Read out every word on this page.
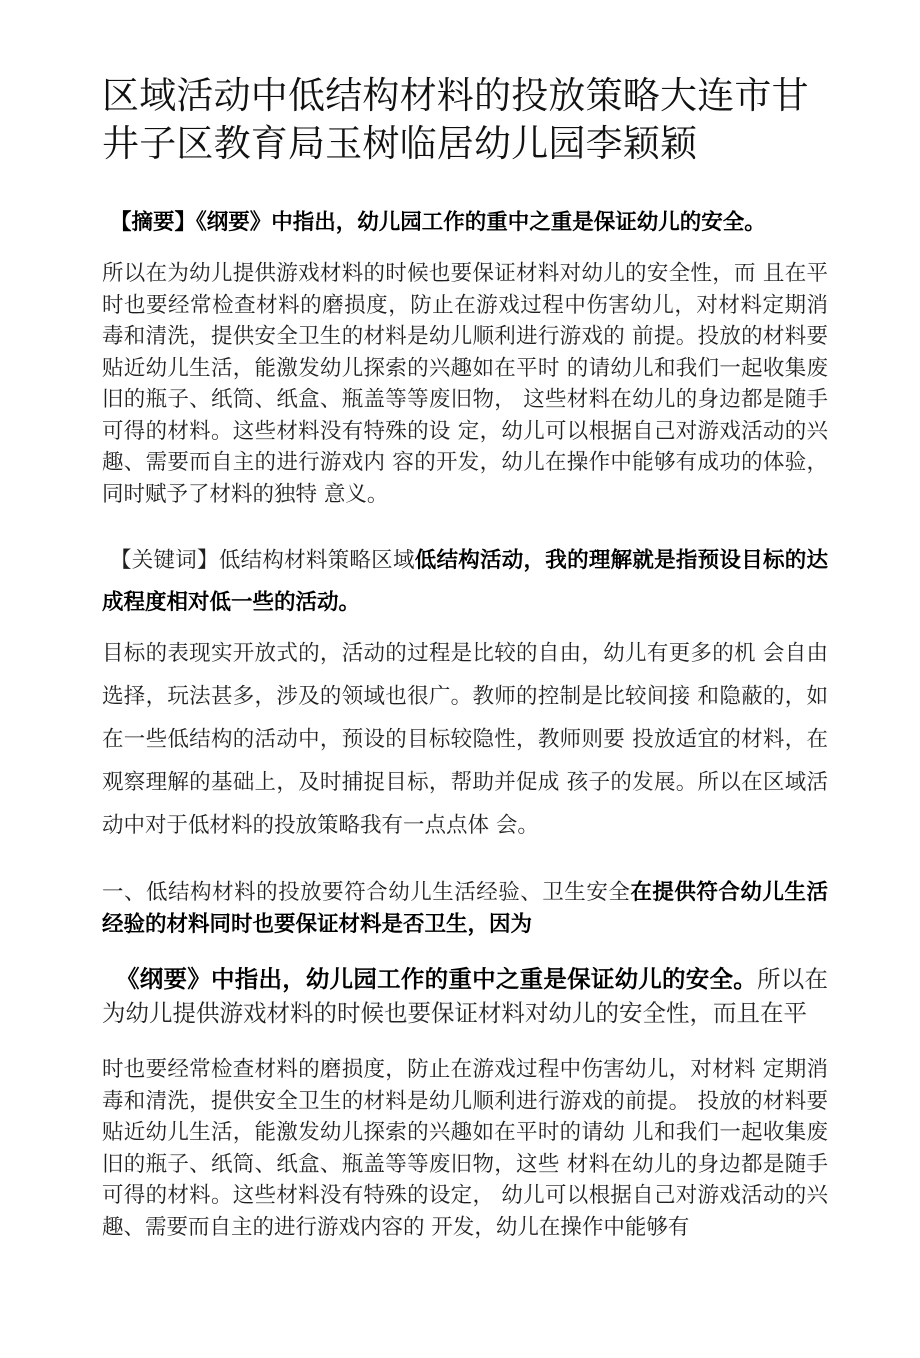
区域活动中低结构材料的投放策略大连市甘井子区教育局玉树临居幼儿园李颖颖

【摘要】《纲要》中指出，幼儿园工作的重中之重是保证幼儿的安全。

所以在为幼儿提供游戏材料的时候也要保证材料对幼儿的安全性，而 且在平时也要经常检查材料的磨损度，防止在游戏过程中伤害幼儿，对材料定期消毒和清洗，提供安全卫生的材料是幼儿顺利进行游戏的 前提。投放的材料要贴近幼儿生活，能激发幼儿探索的兴趣如在平时 的请幼儿和我们一起收集废旧的瓶子、纸筒、纸盒、瓶盖等等废旧物， 这些材料在幼儿的身边都是随手可得的材料。这些材料没有特殊的设 定，幼儿可以根据自己对游戏活动的兴趣、需要而自主的进行游戏内 容的开发，幼儿在操作中能够有成功的体验，同时赋予了材料的独特 意义。

【关键词】低结构材料策略区域低结构活动，我的理解就是指预设目标的达成程度相对低一些的活动。

目标的表现实开放式的，活动的过程是比较的自由，幼儿有更多的机 会自由选择，玩法甚多，涉及的领域也很广。教师的控制是比较间接 和隐蔽的，如在一些低结构的活动中，预设的目标较隐性，教师则要 投放适宜的材料，在观察理解的基础上，及时捕捉目标，帮助并促成 孩子的发展。所以在区域活动中对于低材料的投放策略我有一点点体 会。

一、低结构材料的投放要符合幼儿生活经验、卫生安全在提供符合幼儿生活经验的材料同时也要保证材料是否卫生，因为

《纲要》中指出，幼儿园工作的重中之重是保证幼儿的安全。所以在为幼儿提供游戏材料的时候也要保证材料对幼儿的安全性，而且在平

时也要经常检查材料的磨损度，防止在游戏过程中伤害幼儿，对材料 定期消毒和清洗，提供安全卫生的材料是幼儿顺利进行游戏的前提。 投放的材料要贴近幼儿生活，能激发幼儿探索的兴趣如在平时的请幼 儿和我们一起收集废旧的瓶子、纸筒、纸盒、瓶盖等等废旧物，这些 材料在幼儿的身边都是随手可得的材料。这些材料没有特殊的设定， 幼儿可以根据自己对游戏活动的兴趣、需要而自主的进行游戏内容的 开发，幼儿在操作中能够有
